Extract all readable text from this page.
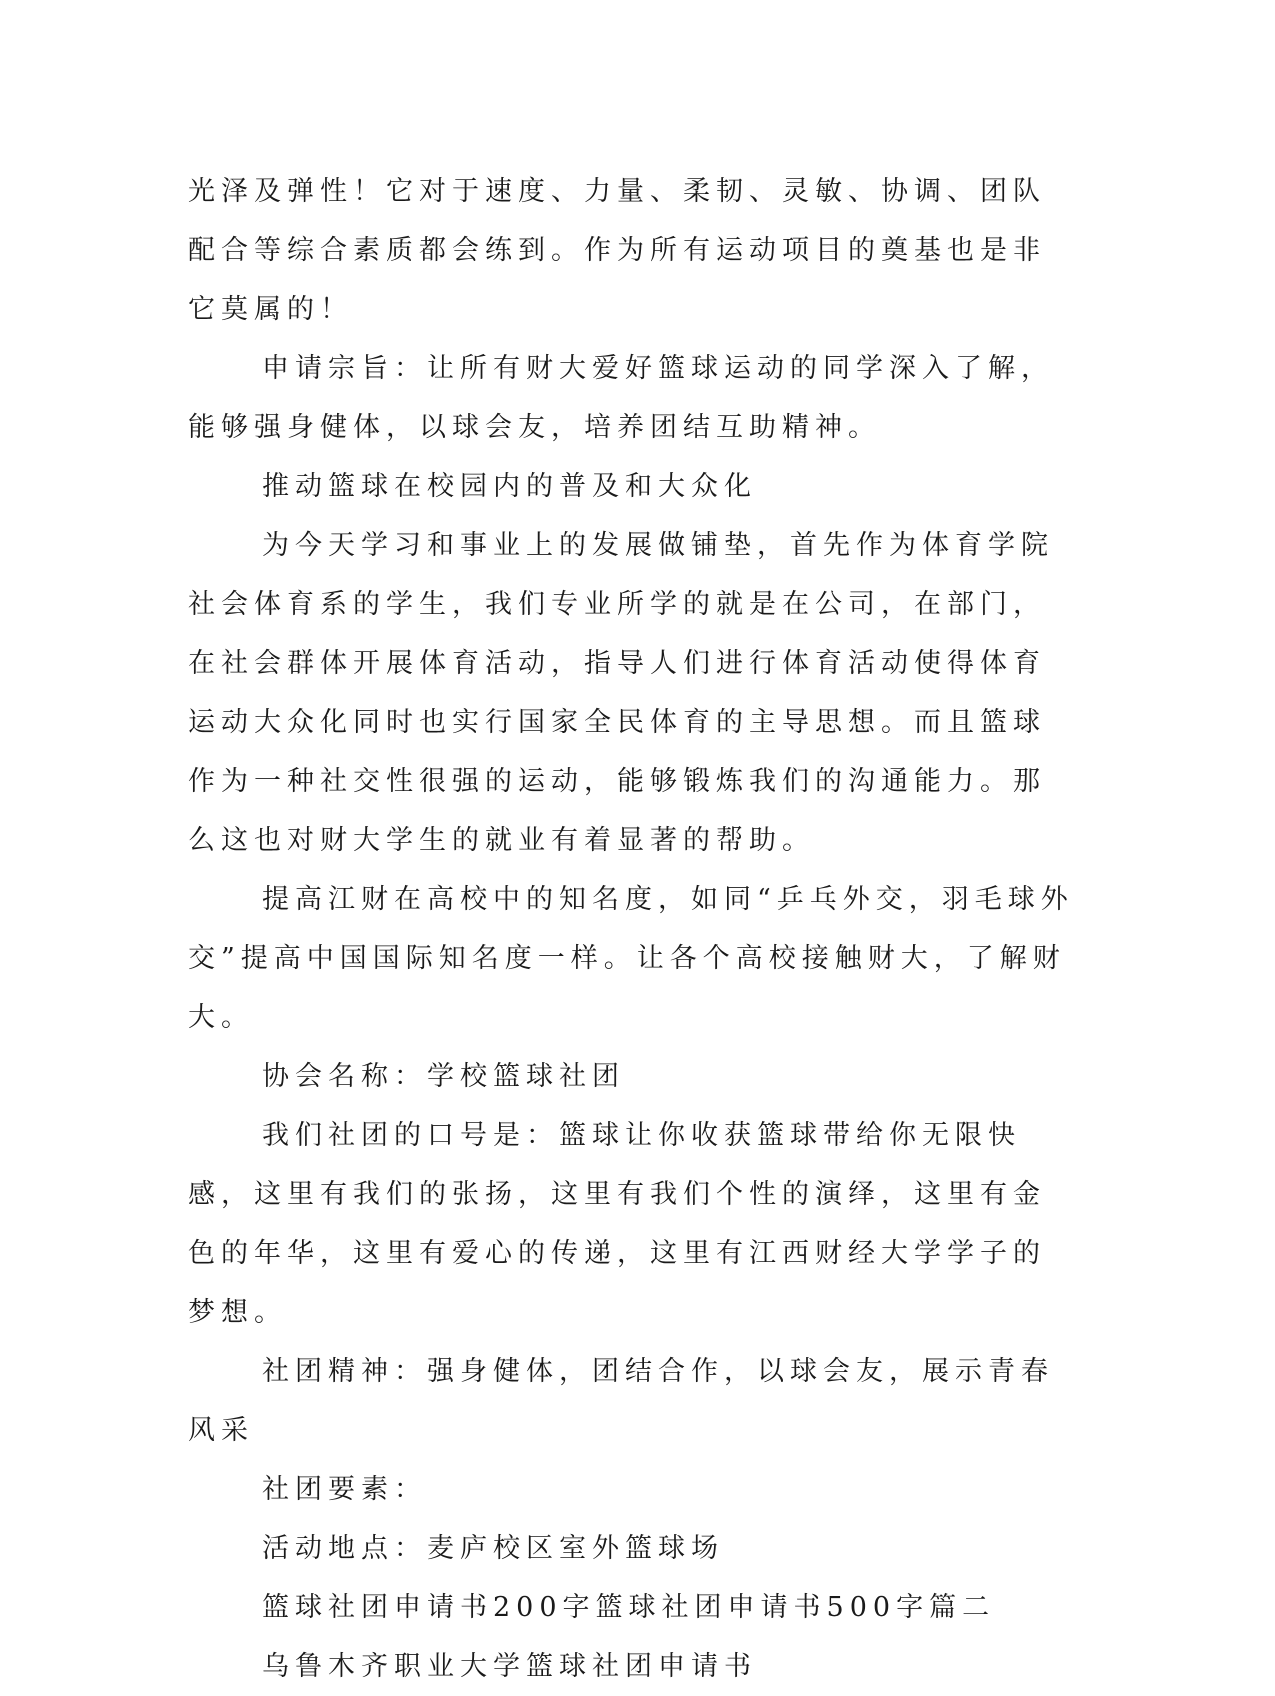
光泽及弹性！它对于速度、力量、柔韧、灵敏、协调、团队配合等综合素质都会练到。作为所有运动项目的奠基也是非它莫属的！

申请宗旨：让所有财大爱好篮球运动的同学深入了解，能够强身健体，以球会友，培养团结互助精神。

推动篮球在校园内的普及和大众化

为今天学习和事业上的发展做铺垫，首先作为体育学院社会体育系的学生，我们专业所学的就是在公司，在部门，在社会群体开展体育活动，指导人们进行体育活动使得体育运动大众化同时也实行国家全民体育的主导思想。而且篮球作为一种社交性很强的运动，能够锻炼我们的沟通能力。那么这也对财大学生的就业有着显著的帮助。

提高江财在高校中的知名度，如同“乒乓外交，羽毛球外交”提高中国国际知名度一样。让各个高校接触财大，了解财大。

协会名称：学校篮球社团

我们社团的口号是：篮球让你收获篮球带给你无限快感，这里有我们的张扬，这里有我们个性的演绎，这里有金色的年华，这里有爱心的传递，这里有江西财经大学学子的梦想。

社团精神：强身健体，团结合作，以球会友，展示青春风采

社团要素：

活动地点：麦庐校区室外篮球场

篮球社团申请书200字篮球社团申请书500字篇二

乌鲁木齐职业大学篮球社团申请书
